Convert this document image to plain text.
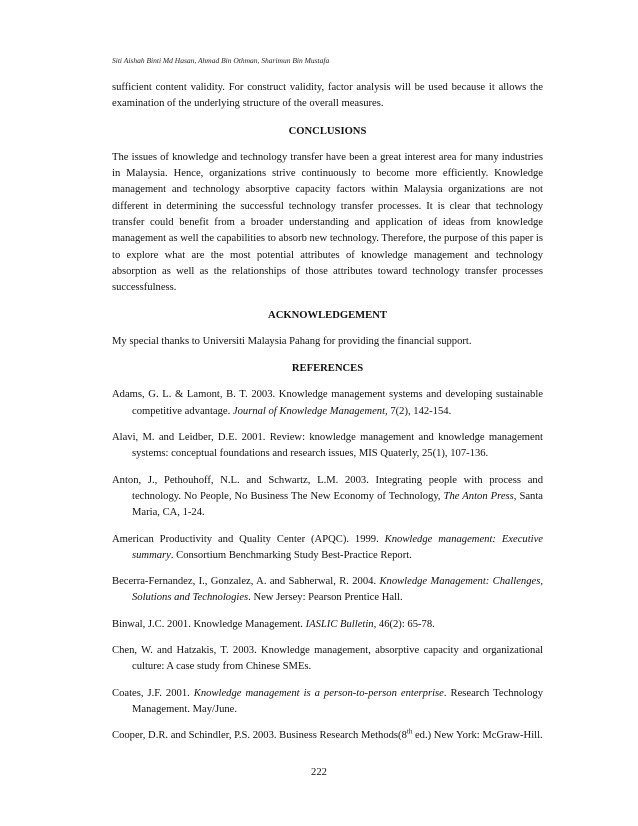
Siti Aishah Binti Md Hasan, Ahmad Bin Othman, Sharimun Bin Mustafa

sufficient content validity. For construct validity, factor analysis will be used because it allows the examination of the underlying structure of the overall measures.

CONCLUSIONS

The issues of knowledge and technology transfer have been a great interest area for many industries in Malaysia. Hence, organizations strive continuously to become more efficiently. Knowledge management and technology absorptive capacity factors within Malaysia organizations are not different in determining the successful technology transfer processes. It is clear that technology transfer could benefit from a broader understanding and application of ideas from knowledge management as well the capabilities to absorb new technology. Therefore, the purpose of this paper is to explore what are the most potential attributes of knowledge management and technology absorption as well as the relationships of those attributes toward technology transfer processes successfulness.

ACKNOWLEDGEMENT

My special thanks to Universiti Malaysia Pahang for providing the financial support.

REFERENCES
Adams, G. L. & Lamont, B. T. 2003. Knowledge management systems and developing sustainable competitive advantage. Journal of Knowledge Management, 7(2), 142-154.
Alavi, M. and Leidber, D.E. 2001. Review: knowledge management and knowledge management systems: conceptual foundations and research issues, MIS Quaterly, 25(1), 107-136.
Anton, J., Pethouhoff, N.L. and Schwartz, L.M. 2003. Integrating people with process and technology. No People, No Business The New Economy of Technology, The Anton Press, Santa Maria, CA, 1-24.
American Productivity and Quality Center (APQC). 1999. Knowledge management: Executive summary. Consortium Benchmarking Study Best-Practice Report.
Becerra-Fernandez, I., Gonzalez, A. and Sabherwal, R. 2004. Knowledge Management: Challenges, Solutions and Technologies. New Jersey: Pearson Prentice Hall.
Binwal, J.C. 2001. Knowledge Management. IASLIC Bulletin, 46(2): 65-78.
Chen, W. and Hatzakis, T. 2003. Knowledge management, absorptive capacity and organizational culture: A case study from Chinese SMEs.
Coates, J.F. 2001. Knowledge management is a person-to-person enterprise. Research Technology Management. May/June.
Cooper, D.R. and Schindler, P.S. 2003. Business Research Methods(8th ed.) New York: McGraw-Hill.
222
